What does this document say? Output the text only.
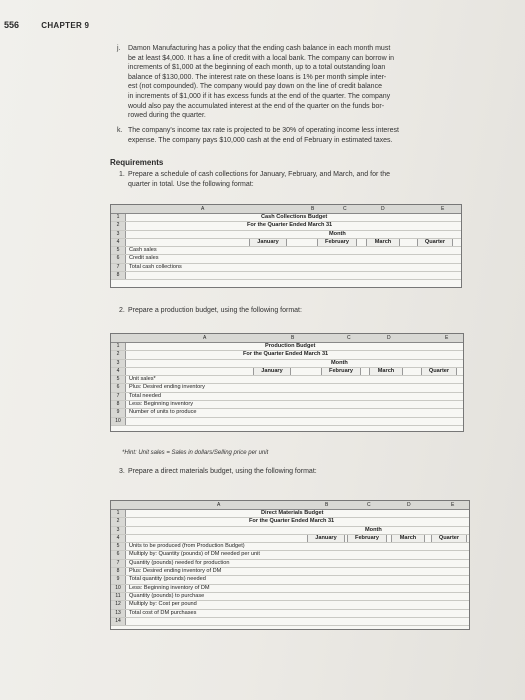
556	CHAPTER 9
j. Damon Manufacturing has a policy that the ending cash balance in each month must
be at least $4,000. It has a line of credit with a local bank. The company can borrow in
increments of $1,000 at the beginning of each month, up to a total outstanding loan
balance of $130,000. The interest rate on these loans is 1% per month simple inter-
est (not compounded). The company would pay down on the line of credit balance
in increments of $1,000 if it has excess funds at the end of the quarter. The company
would also pay the accumulated interest at the end of the quarter on the funds bor-
rowed during the quarter.
k. The company's income tax rate is projected to be 30% of operating income less interest
expense. The company pays $10,000 cash at the end of February in estimated taxes.
Requirements
1. Prepare a schedule of cash collections for January, February, and March, and for the
quarter in total. Use the following format:
A	B	C	D	E
1	Cash Collections Budget
2	For the Quarter Ended March 31
3	Month
4	January	February	March	Quarter
5	Cash sales
6	Credit sales
7	Total cash collections
8
2. Prepare a production budget, using the following format:
A	B	C	D	E
1	Production Budget
2	For the Quarter Ended March 31
3	Month
4	January	February	March	Quarter
5	Unit sales*
6	Plus: Desired ending inventory
7	Total needed
8	Less: Beginning inventory
9	Number of units to produce
10
*Hint: Unit sales = Sales in dollars/Selling price per unit
3. Prepare a direct materials budget, using the following format:
A	B	C	D	E
1	Direct Materials Budget
2	For the Quarter Ended March 31
3	Month
4	January	February	March	Quarter
5	Units to be produced (from Production Budget)
6	Multiply by: Quantity (pounds) of DM needed per unit
7	Quantity (pounds) needed for production
8	Plus: Desired ending inventory of DM
9	Total quantity (pounds) needed
10	Less: Beginning inventory of DM
11	Quantity (pounds) to purchase
12	Multiply by: Cost per pound
13	Total cost of DM purchases
14
